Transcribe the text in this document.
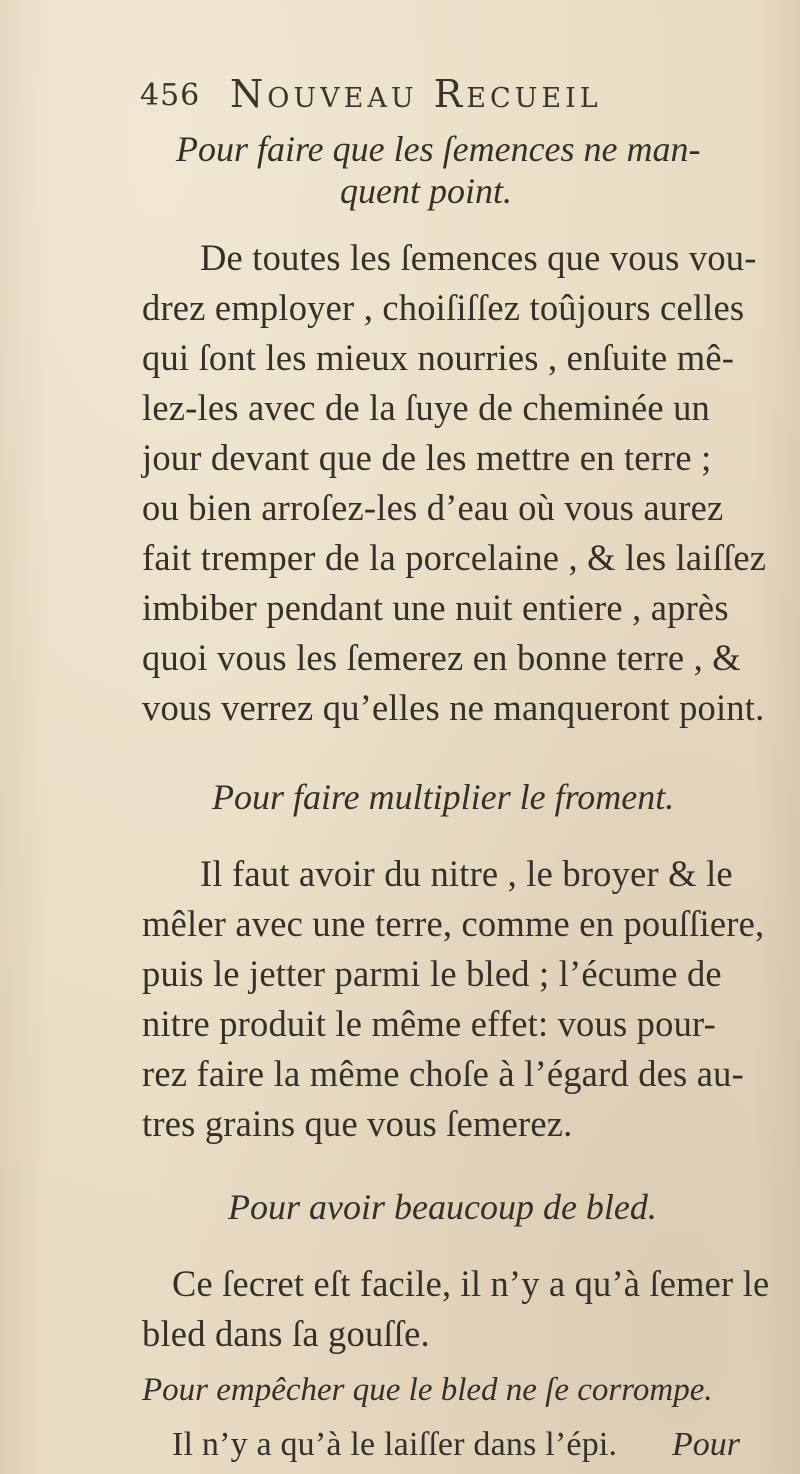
456 Nouveau Recueil
Pour faire que les ſemences ne man-
quent point.
De toutes les ſemences que vous vou-
drez employer , choiſiſſez toûjours celles
qui ſont les mieux nourries , enſuite mê-
lez-les avec de la ſuye de cheminée un
jour devant que de les mettre en terre ;
ou bien arroſez-les d’eau où vous aurez
fait tremper de la porcelaine , & les laiſſez
imbiber pendant une nuit entiere , après
quoi vous les ſemerez en bonne terre , &
vous verrez qu’elles ne manqueront point.
Pour faire multiplier le froment.
Il faut avoir du nitre , le broyer & le
mêler avec une terre, comme en pouſſiere,
puis le jetter parmi le bled ; l’écume de
nitre produit le même effet: vous pour-
rez faire la même choſe à l’égard des au-
tres grains que vous ſemerez.
Pour avoir beaucoup de bled.
Ce ſecret eſt facile, il n’y a qu’à ſemer le
bled dans ſa gouſſe.
Pour empêcher que le bled ne ſe corrompe.
Il n’y a qu’à le laiſſer dans l’épi. Pour
